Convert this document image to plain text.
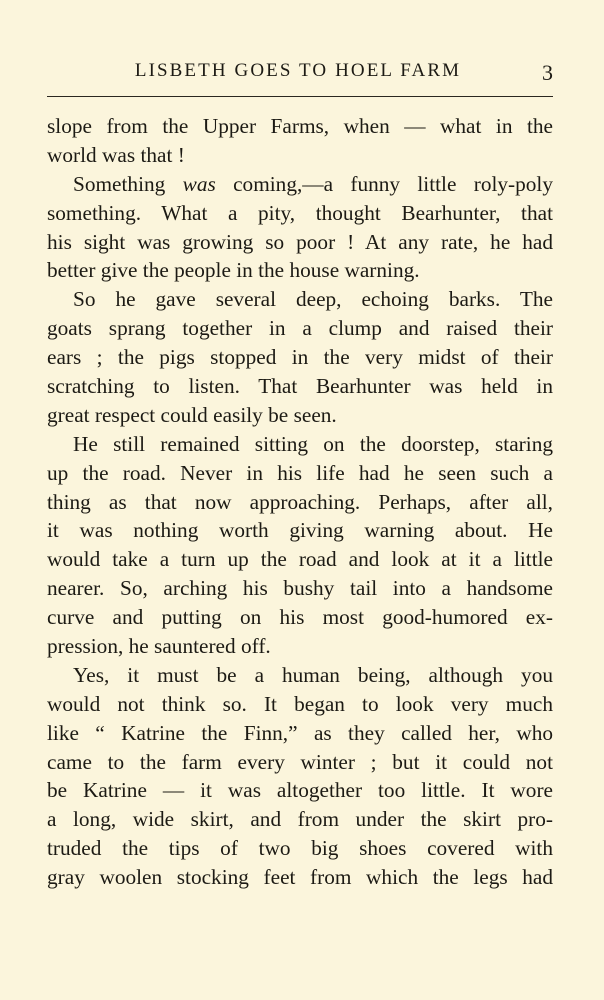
LISBETH GOES TO HOEL FARM	3
slope from the Upper Farms, when — what in the
world was that !
Something was coming,—a funny little roly-poly
something. What a pity, thought Bearhunter, that
his sight was growing so poor ! At any rate, he had
better give the people in the house warning.
So he gave several deep, echoing barks. The
goats sprang together in a clump and raised their
ears ; the pigs stopped in the very midst of their
scratching to listen. That Bearhunter was held in
great respect could easily be seen.
He still remained sitting on the doorstep, staring
up the road. Never in his life had he seen such a
thing as that now approaching. Perhaps, after all,
it was nothing worth giving warning about. He
would take a turn up the road and look at it a little
nearer. So, arching his bushy tail into a handsome
curve and putting on his most good-humored ex-
pression, he sauntered off.
Yes, it must be a human being, although you
would not think so. It began to look very much
like “ Katrine the Finn,” as they called her, who
came to the farm every winter ; but it could not
be Katrine — it was altogether too little. It wore
a long, wide skirt, and from under the skirt pro-
truded the tips of two big shoes covered with
gray woolen stocking feet from which the legs had
